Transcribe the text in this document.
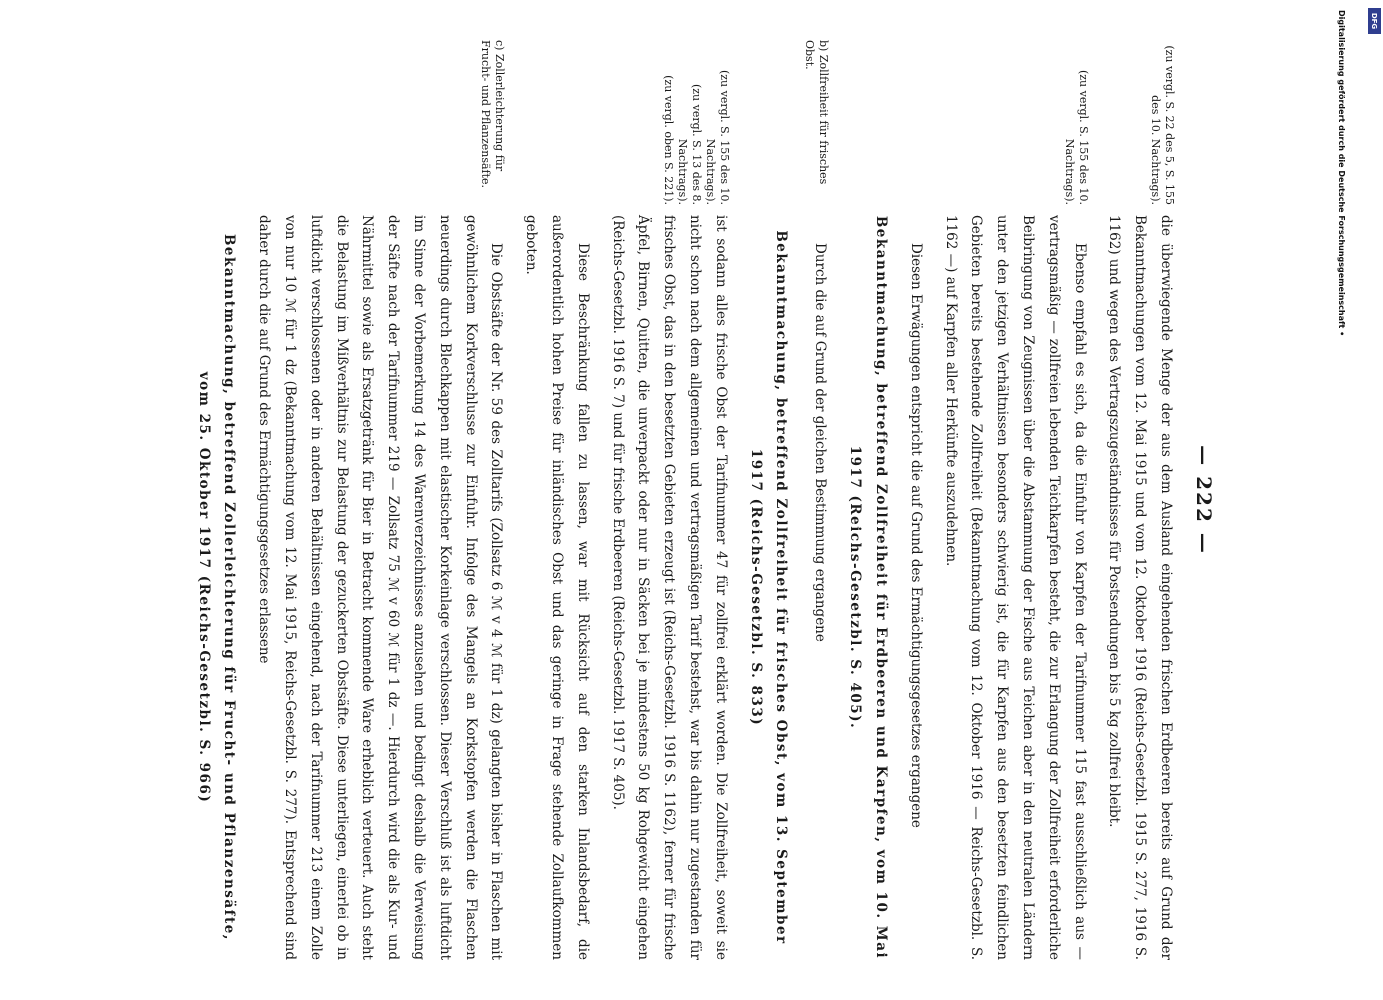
— 222 —
(zu vergl. S. 22 des 5, S. 155 des 10. Nachtrags).
die überwiegende Menge der aus dem Ausland eingehenden frischen Erdbeeren bereits auf Grund der Bekanntmachungen vom 12. Mai 1915 und vom 12. Oktober 1916 (Reichs-Gesetzbl. 1915 S. 277, 1916 S. 1162) und wegen des Vertragszugeständnisses für Postsendungen bis 5 kg zollfrei bleibt.
(zu vergl. S. 155 des 10. Nachtrags).
Ebenso empfahl es sich, da die Einfuhr von Karpfen der Tarifnummer 115 fast ausschließlich aus — vertragsmäßig — zollfreien lebenden Teichkarpfen besteht, die zur Erlangung der Zollfreiheit erforderliche Beibringung von Zeugnissen über die Abstammung der Fische aus Teichen aber in den neutralen Ländern unter den jetzigen Verhältnissen besonders schwierig ist, die für Karpfen aus den besetzten feindlichen Gebieten bereits bestehende Zollfreiheit (Bekanntmachung vom 12. Oktober 1916 — Reichs-Gesetzbl. S. 1162 —) auf Karpfen aller Herkünfte auszudehnen.
Diesen Erwägungen entspricht die auf Grund des Ermächtigungsgesetzes ergangene
Bekanntmachung, betreffend Zollfreiheit für Erdbeeren und Karpfen, vom 10. Mai 1917 (Reichs-Gesetzbl. S. 405).
b) Zollfreiheit für frisches Obst.
Durch die auf Grund der gleichen Bestimmung ergangene
Bekanntmachung, betreffend Zollfreiheit für frisches Obst, vom 13. September 1917 (Reichs-Gesetzbl. S. 833)
(zu vergl. S. 155 des 10. Nachtrags).
(zu vergl. S. 13 des 8. Nachtrags).
(zu vergl. oben S. 221).
ist sodann alles frische Obst der Tarifnummer 47 für zollfrei erklärt worden. Die Zollfreiheit, soweit sie nicht schon nach dem allgemeinen und vertragsmäßigen Tarif bestehst, war bis dahin nur zugestanden für frisches Obst, das in den besetzten Gebieten erzeugt ist (Reichs-Gesetzbl. 1916 S. 1162), ferner für frische Äpfel, Birnen, Quitten, die unverpackt oder nur in Säcken bei je mindestens 50 kg Rohgewicht eingehen (Reichs-Gesetzbl. 1916 S. 7) und für frische Erdbeeren (Reichs-Gesetzbl. 1917 S. 405).
Diese Beschränkung fallen zu lassen, war mit Rücksicht auf den starken Inlandsbedarf, die außerordentlich hohen Preise für inländisches Obst und das geringe in Frage stehende Zollaufkommen geboten.
c) Zollerleichterung für Frucht- und Pflanzensäfte.
Die Obstsäfte der Nr. 59 des Zolltarifs (Zollsatz 6 ℳ v 4 ℳ für 1 dz) gelangten bisher in Flaschen mit gewöhnlichem Korkverschlusse zur Einfuhr. Infolge des Mangels an Korkstopfen werden die Flaschen neuerdings durch Blechkappen mit elastischer Korkeinlage verschlossen. Dieser Verschluß ist als luftdicht im Sinne der Vorbemerkung 14 des Warenverzeichnisses anzusehen und bedingt deshalb die Verweisung der Säfte nach der Tarifnummer 219 — Zollsatz 75 ℳ v 60 ℳ für 1 dz —. Hierdurch wird die als Kur- und Nährmittel sowie als Ersatzgetränk für Bier in Betracht kommende Ware erheblich verteuert. Auch steht die Belastung im Mißverhältnis zur Belastung der gezuckerten Obstsäfte. Diese unterliegen, einerlei ob in luftdicht verschlossenen oder in anderen Behältnissen eingehend, nach der Tarifnummer 213 einem Zolle von nur 10 ℳ für 1 dz (Bekanntmachung vom 12. Mai 1915, Reichs-Gesetzbl. S. 277). Entsprechend sind daher durch die auf Grund des Ermächtigungsgesetzes erlassene
Bekanntmachung, betreffend Zollerleichterung für Frucht- und Pflanzensäfte, vom 25. Oktober 1917 (Reichs-Gesetzbl. S. 966)
DFG
Digitalisierung gefördert durch die Deutsche Forschungsgemeinschaft •
